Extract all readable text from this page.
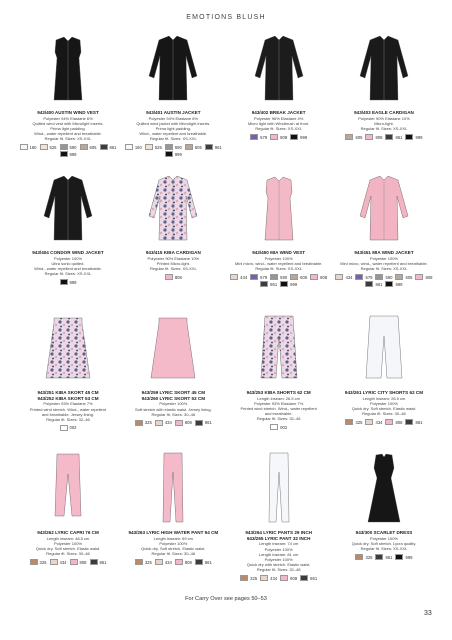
EMOTIONS BLUSH
943/400 AUSTIN WIND VEST
Polyester 94% Elastane 6%
Quilted wind vest with Microlight inserts.
Prima light padding.
Wind-, water repellent and breathable.
Regular fit. Sizes: XS-XXL
160	525	590	605	861
999
943/401 AUSTIN JACKET
Polyester 94% Elastane 6%
Quilted wind jacket with Microlight inserts.
Prima light padding.
Wind-, water repellent and breathable.
Regular fit. Sizes: XS-XXL
160	525	590	605	861
999
943/402 BREAK JACKET
Polyester 96% Elastane 4%
Micro light with Windbrush at front.
Regular fit. Sizes: XS-XXL
579	808	999
943/403 EAGLE CARDIGAN
Polyester 90% Elastane 10%
Micro-light.
Regular fit. Sizes: XS-XXL
605	808	861	999
943/404 CONDOR WIND JACKET
Polyester 100%
Ultra sonic quilted.
Wind-, water repellent and breathable.
Regular fit. Sizes: XS-XXL
999
943/415 KIBA CARDIGAN
Polyester 90% Elastane 10%
Printed Micro-light.
Regular fit. Sizes: XS-XXL
808
943/450 MIA WIND VEST
Polyester 100%
Mini micro, wind-, water repellent and breathable.
Regular fit. Sizes: XS-XXL
434	579	590	605	808
861	999
943/451 MIA WIND JACKET
Polyester 100%
Mini micro, wind-, water repellent and breathable.
Regular fit. Sizes: XS-XXL
434	579	590	605	808
861	999
943/251 KIBA SKORT 45 CM
943/252 KIBA SKORT 53 CM
Polyester 93% Elastane 7%
Printed wind stretch. Wind-, water repellent
and breathable. Jersey lining.
Regular fit. Sizes: 32–46
002
943/259 LYRIC SKORT 45 CM
943/260 LYRIC SKORT 53 CM
Polyester 100%
Soft stretch with elastic waist. Jersey lining.
Regular fit. Sizes: 30–46
325	434	808	861
943/253 KIBA SHORTS 62 CM
Length inseam: 26.5 cm
Polyester 93% Elastane 7%
Printed wind stretch. Wind-, water repellent
and breathable.
Regular fit. Sizes: 32–46
002
943/261 LYRIC CITY SHORTS 62 CM
Length inseam: 26.5 cm
Polyester 100%
Quick dry. Soft stretch. Elastic waist.
Regular fit. Sizes: 30–46
325	434	808	861
943/262 LYRIC CAPRI 76 CM
Length inseam: 48.5 cm
Polyester 100%
Quick dry. Soft stretch. Elastic waist.
Regular fit. Sizes: 30–46
325	434	808	861
943/263 LYRIC HIGH WATER PANT 94 CM
Length inseam: 69 cm
Polyester 100%
Quick dry. Soft stretch. Elastic waist.
Regular fit. Sizes: 30–46
325	434	808	861
943/264 LYRIC PANTS 29 INCH
943/265 LYRIC PANT 32 INCH
Length inseam: 74 cm
Polyester 100%
Length inseam: 81 cm
Polyester 100%
Quick dry with stretch. Elastic waist.
Regular fit. Sizes: 32–48
325	434	808	861
943/300 SCARLET DRESS
Polyester 100%
Quick dry. Soft stretch. Lycra quality.
Regular fit. Sizes: XS-XXL
325	861	999
For Carry Over see pages 50–53
33
